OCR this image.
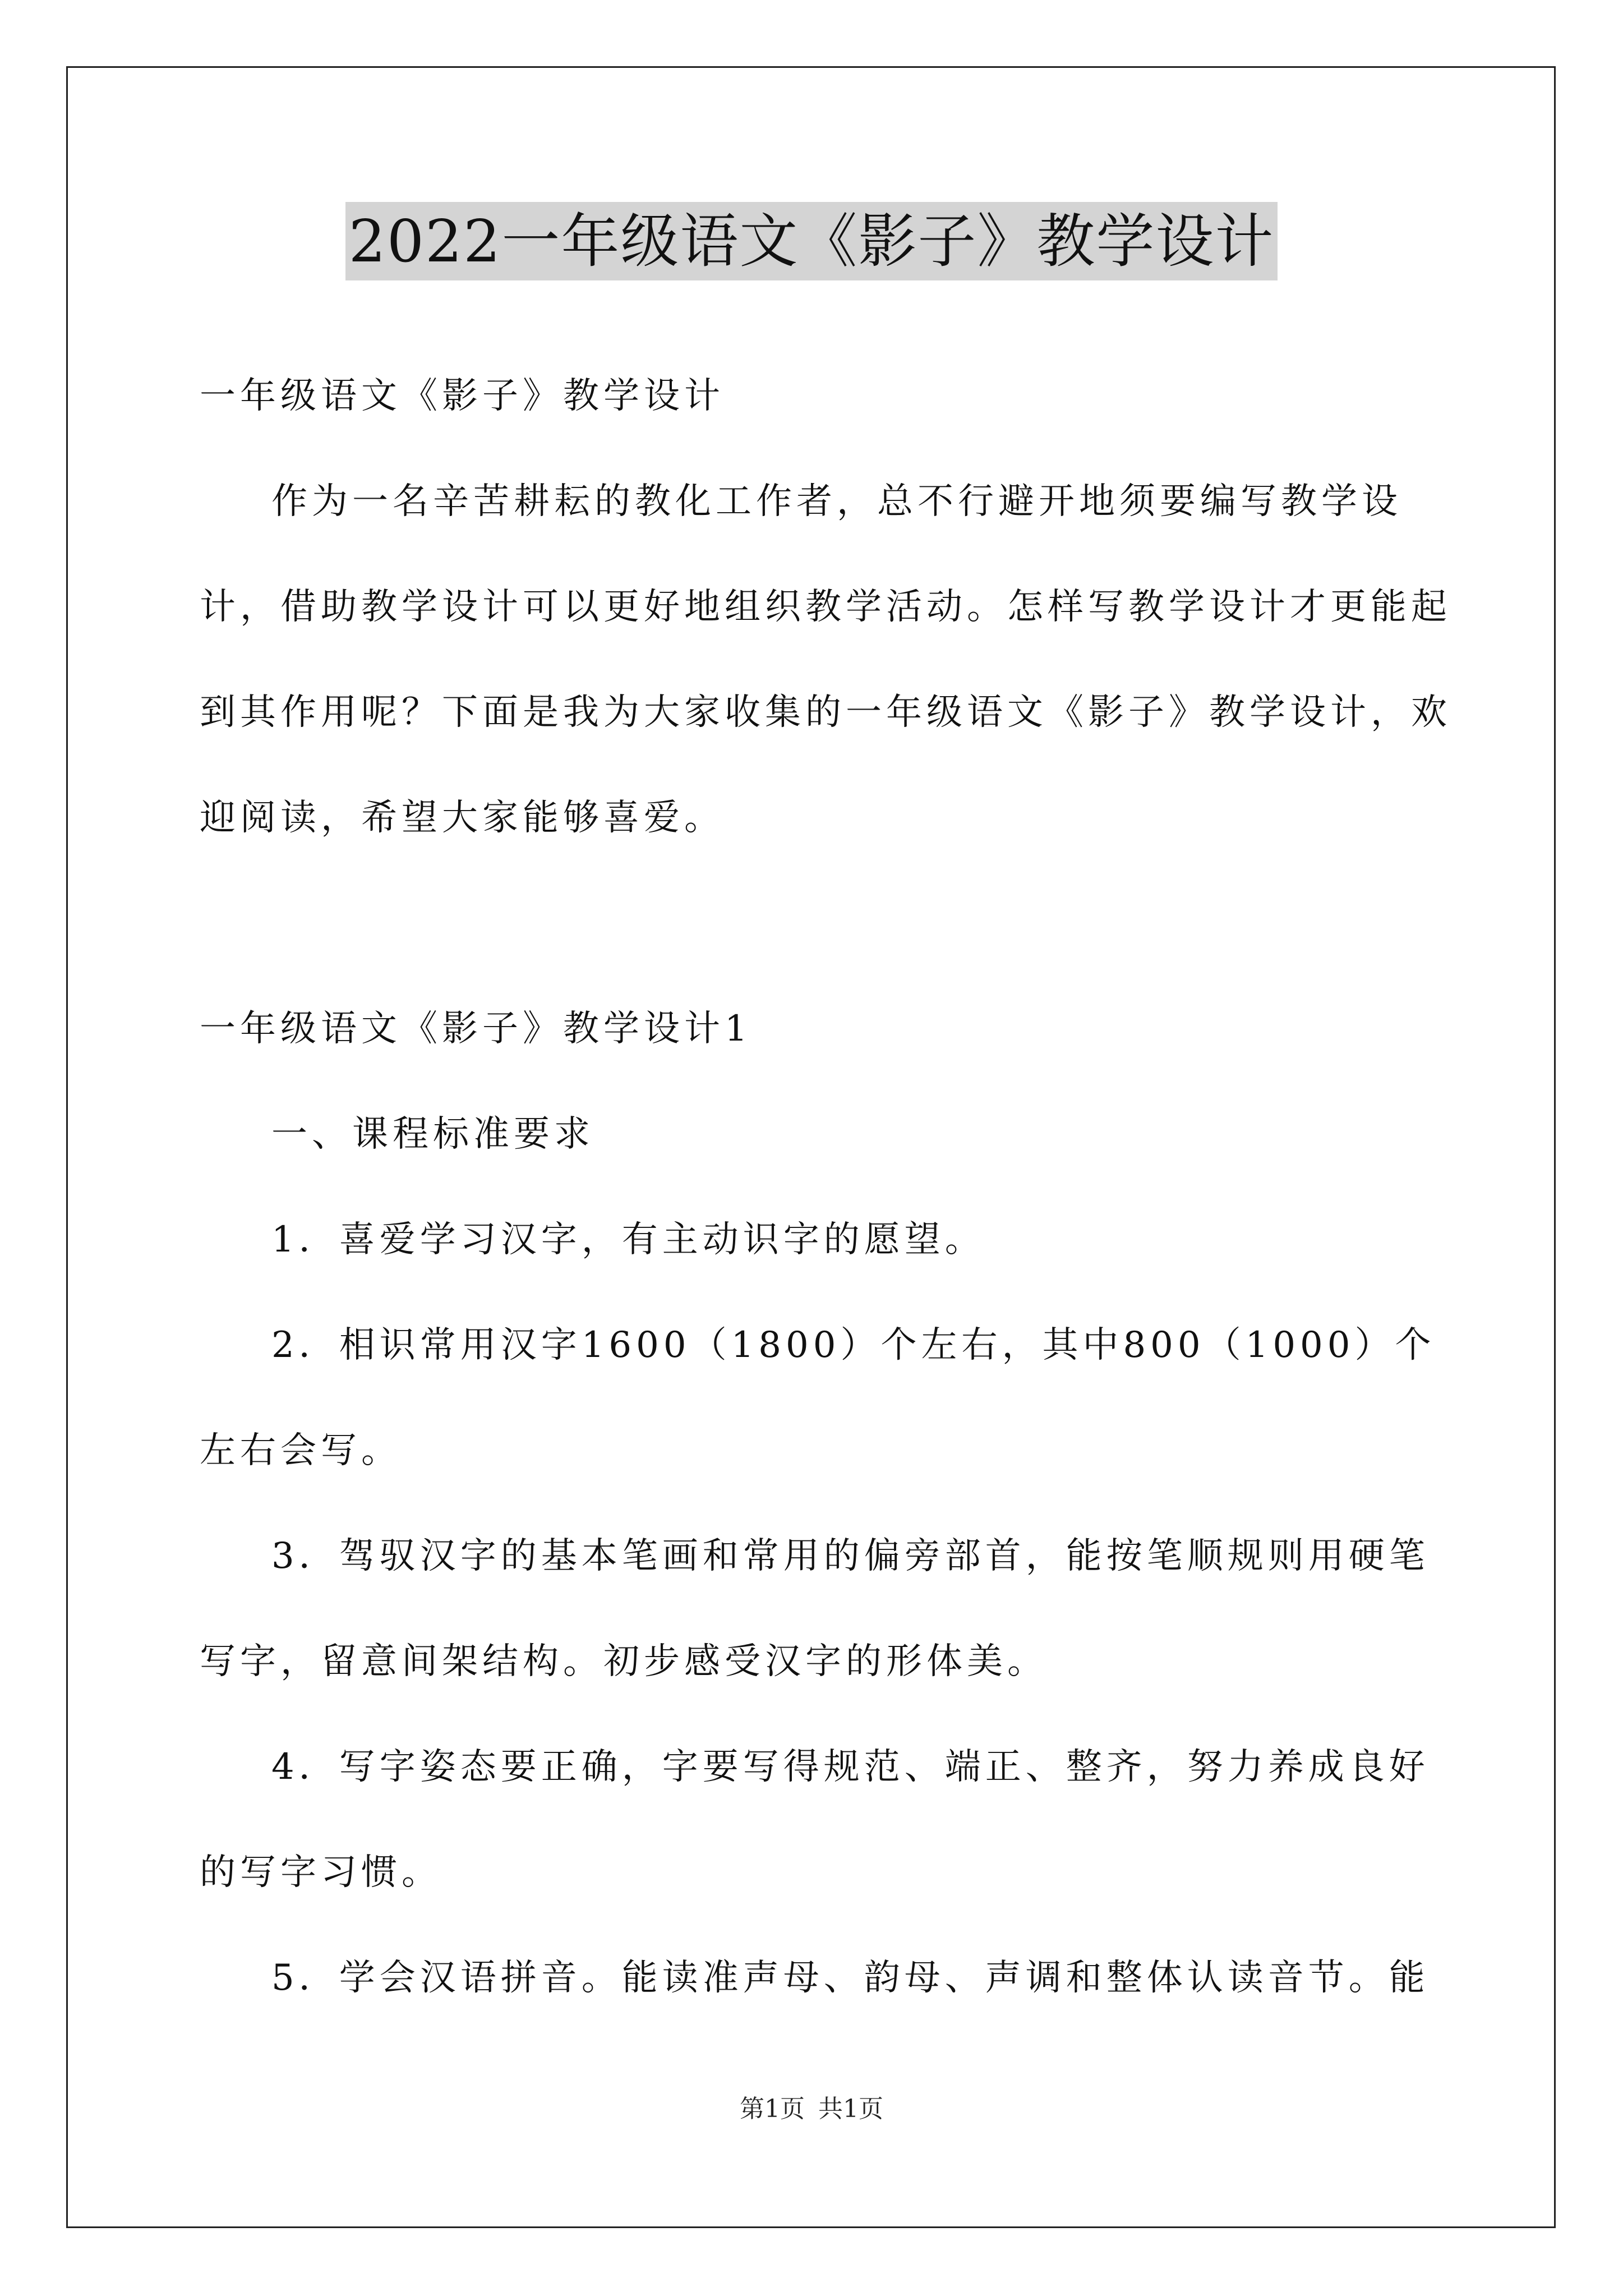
2022一年级语文《影子》教学设计

一年级语文《影子》教学设计

作为一名辛苦耕耘的教化工作者，总不行避开地须要编写教学设计，借助教学设计可以更好地组织教学活动。怎样写教学设计才更能起到其作用呢？下面是我为大家收集的一年级语文《影子》教学设计，欢迎阅读，希望大家能够喜爱。

一年级语文《影子》教学设计1

一、课程标准要求

1．喜爱学习汉字，有主动识字的愿望。

2．相识常用汉字1600（1800）个左右，其中800（1000）个左右会写。

3．驾驭汉字的基本笔画和常用的偏旁部首，能按笔顺规则用硬笔写字，留意间架结构。初步感受汉字的形体美。

4．写字姿态要正确，字要写得规范、端正、整齐，努力养成良好的写字习惯。

5．学会汉语拼音。能读准声母、韵母、声调和整体认读音节。能

第1页 共1页
